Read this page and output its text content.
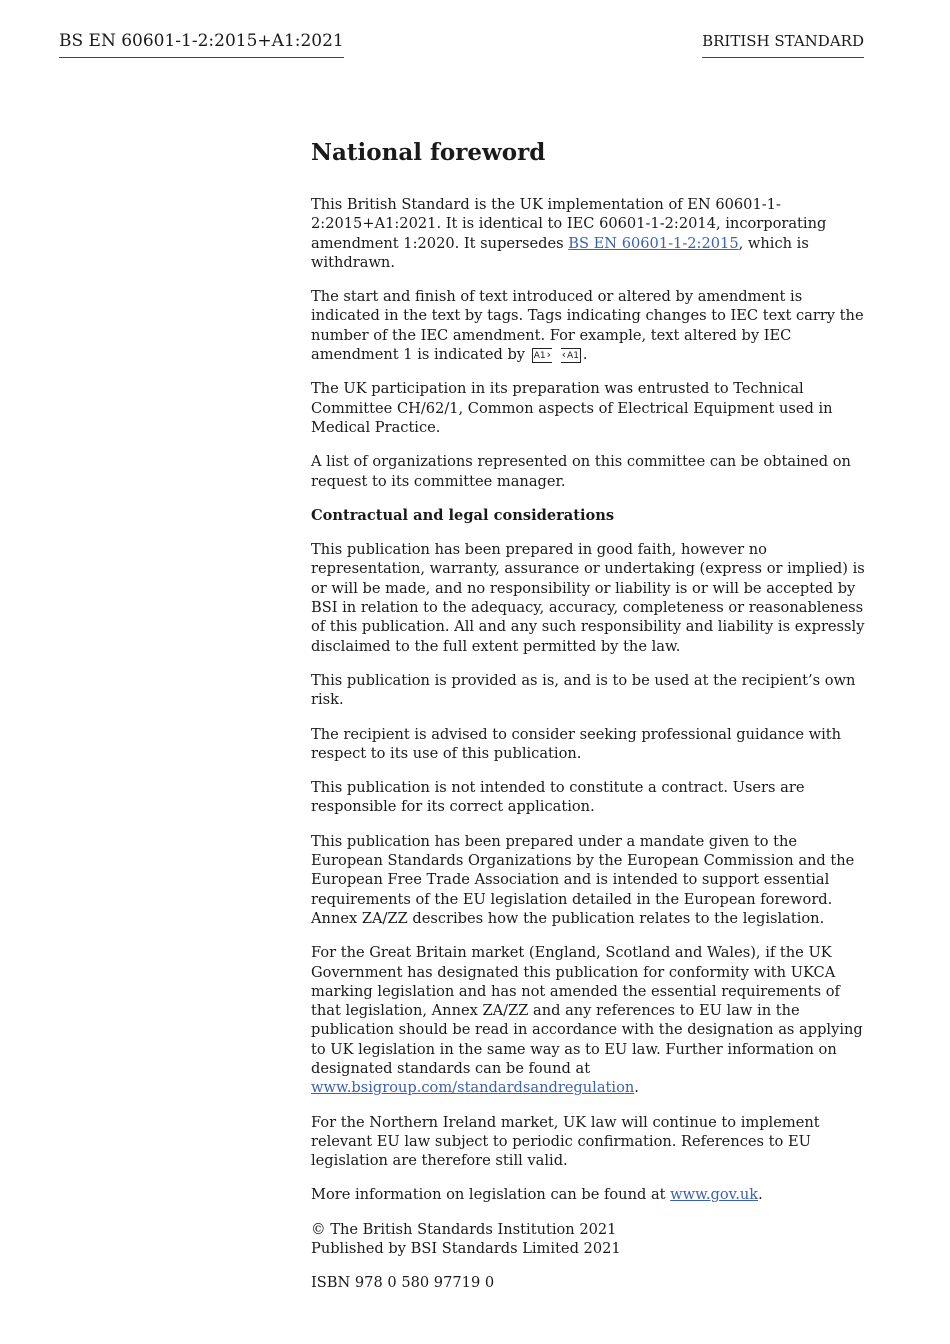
BS EN 60601-1-2:2015+A1:2021	BRITISH STANDARD
National foreword

This British Standard is the UK implementation of EN 60601-1-2:2015+A1:2021. It is identical to IEC 60601-1-2:2014, incorporating amendment 1:2020. It supersedes BS EN 60601-1-2:2015, which is withdrawn.

The start and finish of text introduced or altered by amendment is indicated in the text by tags. Tags indicating changes to IEC text carry the number of the IEC amendment. For example, text altered by IEC amendment 1 is indicated by A1 › ‹ A1 .

The UK participation in its preparation was entrusted to Technical Committee CH/62/1, Common aspects of Electrical Equipment used in Medical Practice.

A list of organizations represented on this committee can be obtained on request to its committee manager.

Contractual and legal considerations

This publication has been prepared in good faith, however no representation, warranty, assurance or undertaking (express or implied) is or will be made, and no responsibility or liability is or will be accepted by BSI in relation to the adequacy, accuracy, completeness or reasonableness of this publication. All and any such responsibility and liability is expressly disclaimed to the full extent permitted by the law.

This publication is provided as is, and is to be used at the recipient’s own risk.

The recipient is advised to consider seeking professional guidance with respect to its use of this publication.

This publication is not intended to constitute a contract. Users are responsible for its correct application.

This publication has been prepared under a mandate given to the European Standards Organizations by the European Commission and the European Free Trade Association and is intended to support essential requirements of the EU legislation detailed in the European foreword. Annex ZA/ZZ describes how the publication relates to the legislation.

For the Great Britain market (England, Scotland and Wales), if the UK Government has designated this publication for conformity with UKCA marking legislation and has not amended the essential requirements of that legislation, Annex ZA/ZZ and any references to EU law in the publication should be read in accordance with the designation as applying to UK legislation in the same way as to EU law. Further information on designated standards can be found at www.bsigroup.com/standardsandregulation.

For the Northern Ireland market, UK law will continue to implement relevant EU law subject to periodic confirmation. References to EU legislation are therefore still valid.

More information on legislation can be found at www.gov.uk.

© The British Standards Institution 2021

Published by BSI Standards Limited 2021

ISBN 978 0 580 97719 0
